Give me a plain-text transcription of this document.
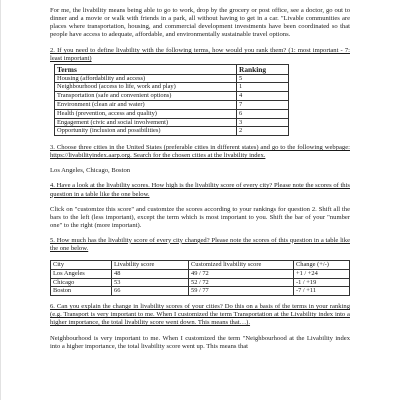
For me, the livability means being able to go to work, drop by the grocery or post office, see a doctor, go out to dinner and a movie or walk with friends in a park, all without having to get in a car. "Livable communities are places where transportation, housing, and commercial development investments have been coordinated so that people have access to adequate, affordable, and environmentally sustainable travel options.

2. If you need to define livability with the following terms, how would you rank them? (1: most important - 7: least important)

Terms	Ranking
Housing (affordability and access)	5
Neighbourhood (access to life, work and play)	1
Transportation (safe and convenient options)	4
Environment (clean air and water)	7
Health (prevention, access and quality)	6
Engagement (civic and social involvement)	3
Opportunity (inclusion and possibilities)	2

3. Choose three cities in the United States (preferable cities in different states) and go to the following webpage: https://livabilityindex.aarp.org. Search for the chosen cities at the livability index.

Los Angeles, Chicago, Boston

4. Have a look at the livability scores. How high is the livability score of every city? Please note the scores of this question in a table like the one below.

Click on "customize this score" and customize the scores according to your rankings for question 2. Shift all the bars to the left (less important), except the term which is most important to you. Shift the bar of your "number one" to the right (more important).

5. How much has the livability score of every city changed? Please note the scores of this question in a table like the one below.

City	Livability score	Customized livability score	Change (+/-)
Los Angeles	48	49 / 72	+1 / +24
Chicago	53	52 / 72	-1 / +19
Boston	66	59 / 77	-7 / +11

6. Can you explain the change in livability scores of your cities? Do this on a basis of the terms in your ranking (e.g. Transport is very important to me. When I customized the term Transportation at the Livability index into a higher importance, the total livability score went down. This means that…).

Neighbourhood is very important to me. When I customized the term "Neighbourhood at the Livability index into a higher importance, the total livability score went up. This means that
